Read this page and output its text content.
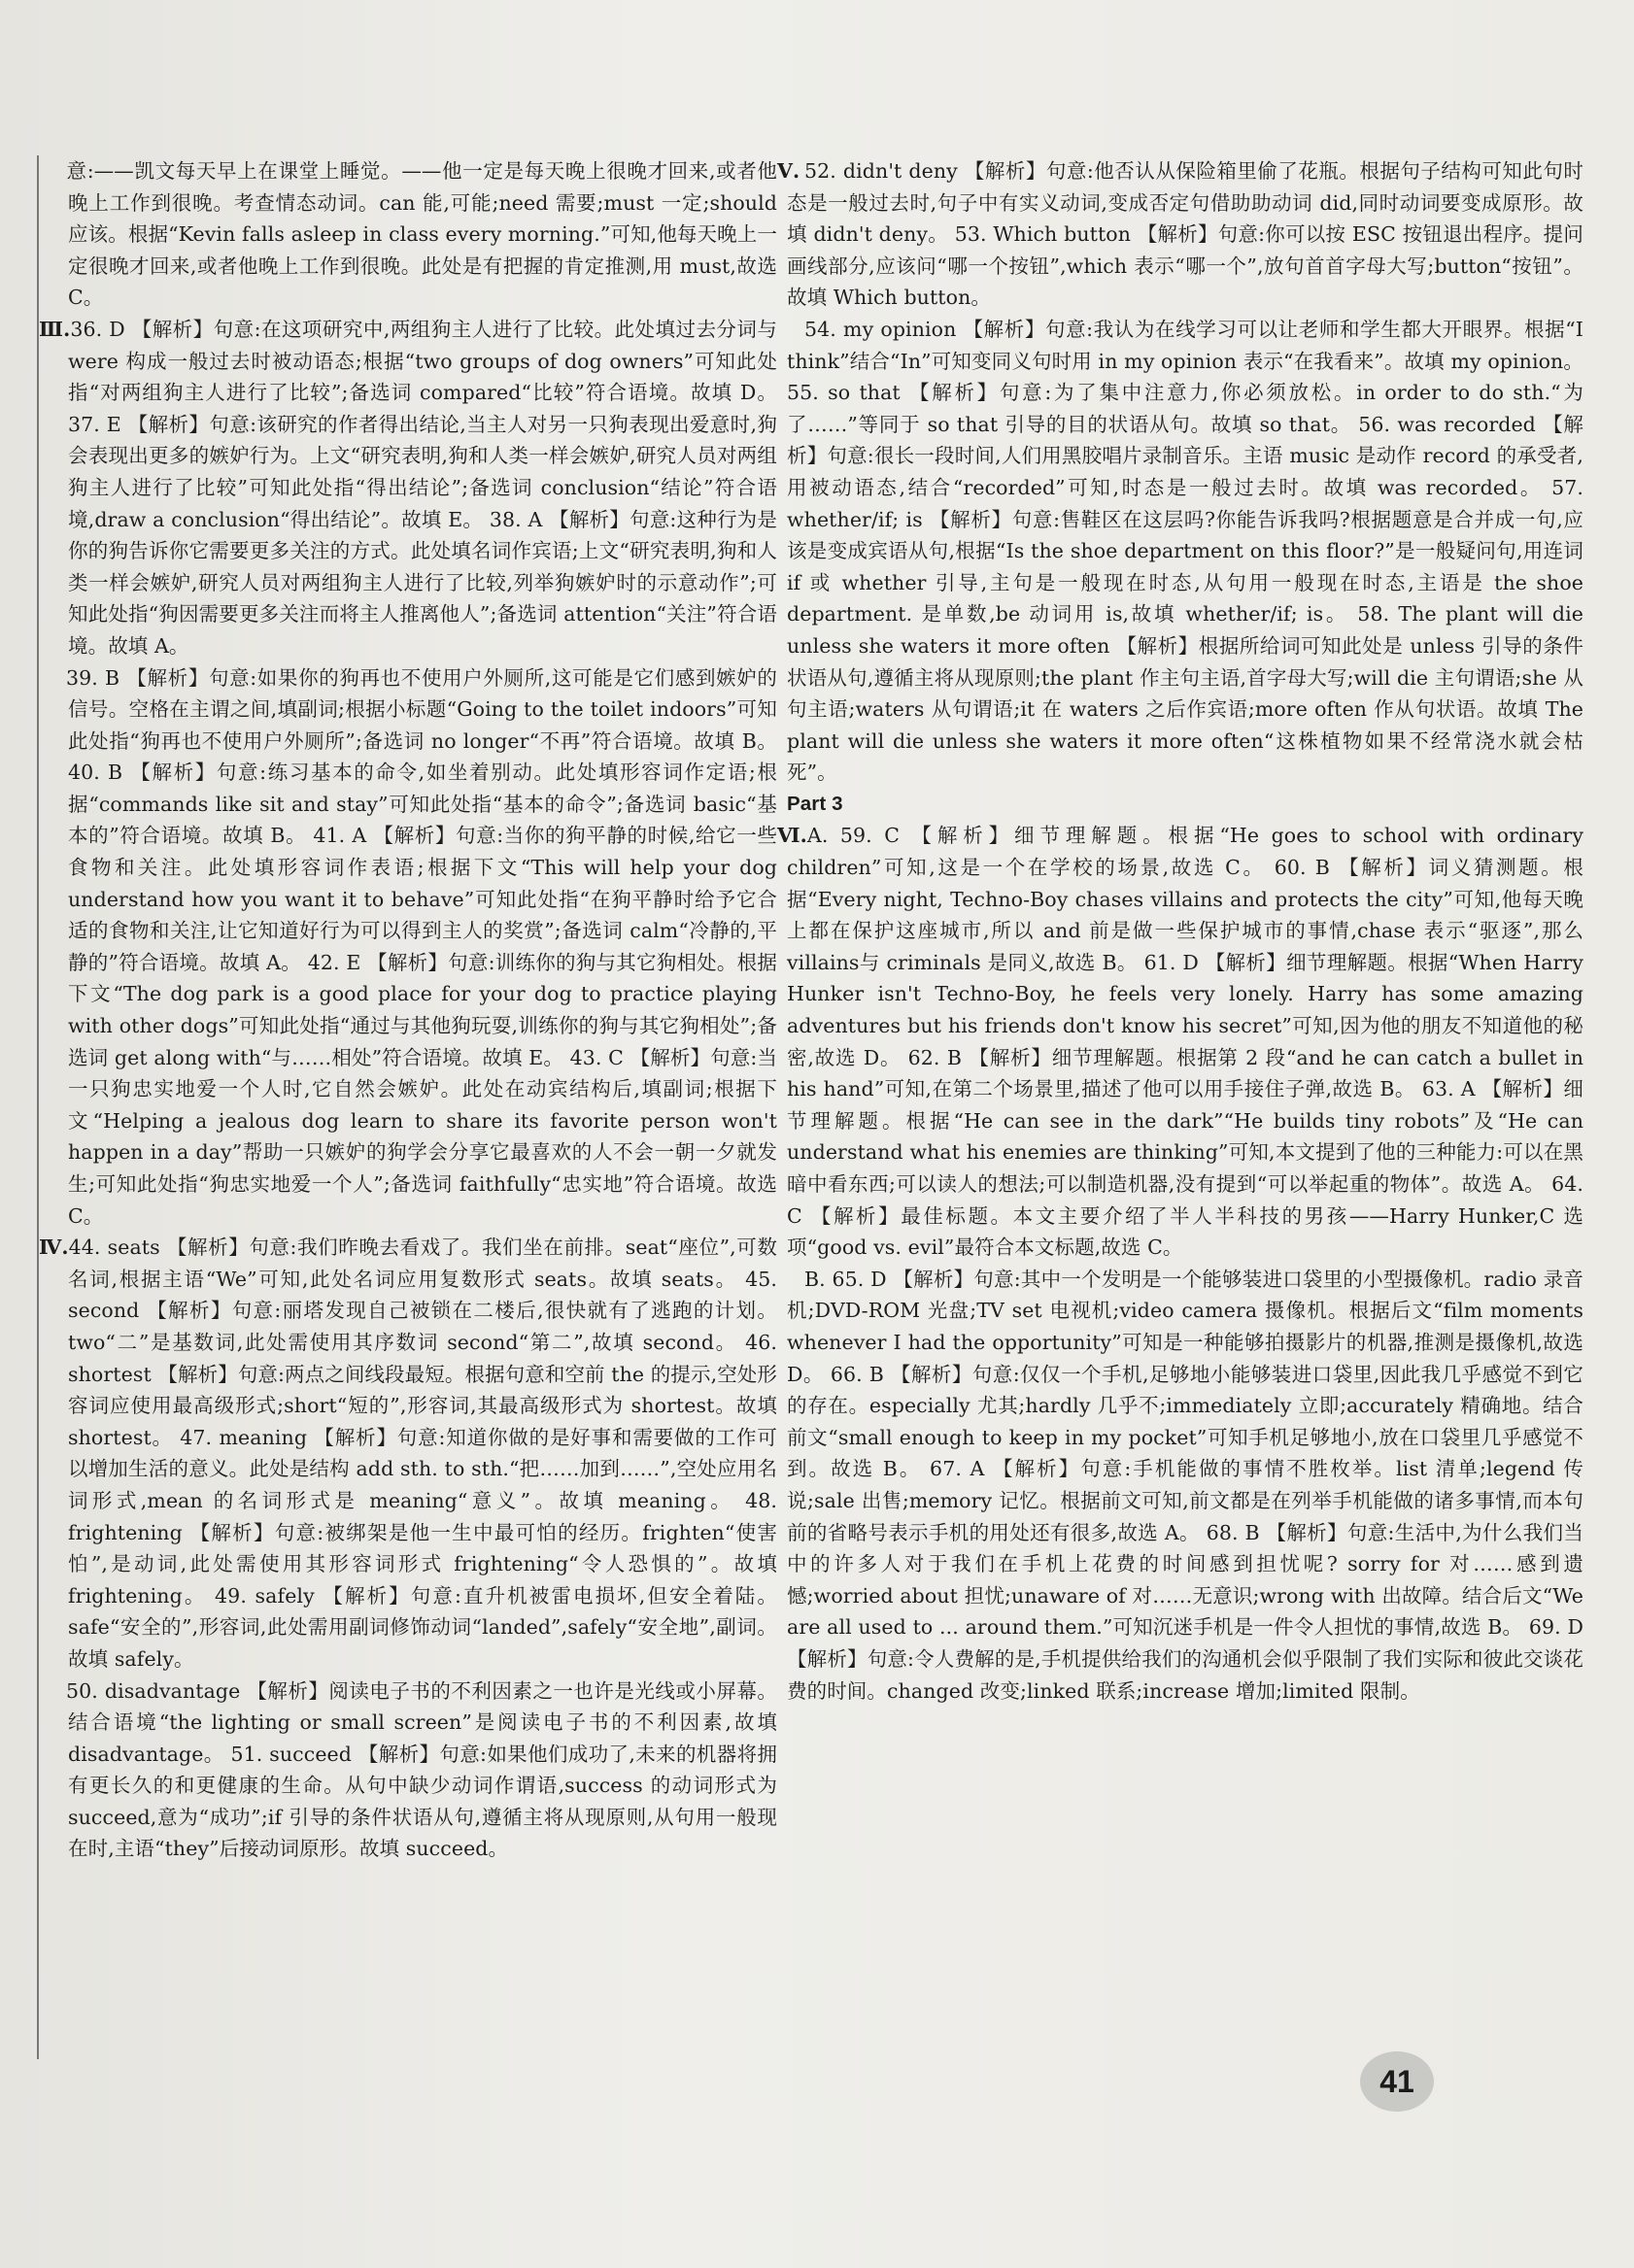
意:——凯文每天早上在课堂上睡觉。——他一定是每天晚上很晚才回来,或者他晚上工作到很晚。考查情态动词。can 能,可能;need 需要;must 一定;should 应该。根据“Kevin falls asleep in class every morning.”可知,他每天晚上一定很晚才回来,或者他晚上工作到很晚。此处是有把握的肯定推测,用 must,故选 C。

Ⅲ.36. D 【解析】句意:在这项研究中,两组狗主人进行了比较。此处填过去分词与 were 构成一般过去时被动语态;根据“two groups of dog owners”可知此处指“对两组狗主人进行了比较”;备选词 compared“比较”符合语境。故填 D。 37. E 【解析】句意:该研究的作者得出结论,当主人对另一只狗表现出爱意时,狗会表现出更多的嫉妒行为。上文“研究表明,狗和人类一样会嫉妒,研究人员对两组狗主人进行了比较”可知此处指“得出结论”;备选词 conclusion“结论”符合语境,draw a conclusion“得出结论”。故填 E。 38. A 【解析】句意:这种行为是你的狗告诉你它需要更多关注的方式。此处填名词作宾语;上文“研究表明,狗和人类一样会嫉妒,研究人员对两组狗主人进行了比较,列举狗嫉妒时的示意动作”;可知此处指“狗因需要更多关注而将主人推离他人”;备选词 attention“关注”符合语境。故填 A。

39. B 【解析】句意:如果你的狗再也不使用户外厕所,这可能是它们感到嫉妒的信号。空格在主谓之间,填副词;根据小标题“Going to the toilet indoors”可知此处指“狗再也不使用户外厕所”;备选词 no longer“不再”符合语境。故填 B。 40. B 【解析】句意:练习基本的命令,如坐着别动。此处填形容词作定语;根据“commands like sit and stay”可知此处指“基本的命令”;备选词 basic“基本的”符合语境。故填 B。 41. A 【解析】句意:当你的狗平静的时候,给它一些食物和关注。此处填形容词作表语;根据下文“This will help your dog understand how you want it to behave”可知此处指“在狗平静时给予它合适的食物和关注,让它知道好行为可以得到主人的奖赏”;备选词 calm“冷静的,平静的”符合语境。故填 A。 42. E 【解析】句意:训练你的狗与其它狗相处。根据下文“The dog park is a good place for your dog to practice playing with other dogs”可知此处指“通过与其他狗玩耍,训练你的狗与其它狗相处”;备选词 get along with“与……相处”符合语境。故填 E。 43. C 【解析】句意:当一只狗忠实地爱一个人时,它自然会嫉妒。此处在动宾结构后,填副词;根据下文“Helping a jealous dog learn to share its favorite person won't happen in a day”帮助一只嫉妒的狗学会分享它最喜欢的人不会一朝一夕就发生;可知此处指“狗忠实地爱一个人”;备选词 faithfully“忠实地”符合语境。故选 C。

Ⅳ.44. seats 【解析】句意:我们昨晚去看戏了。我们坐在前排。seat“座位”,可数名词,根据主语“We”可知,此处名词应用复数形式 seats。故填 seats。 45. second 【解析】句意:丽塔发现自己被锁在二楼后,很快就有了逃跑的计划。two“二”是基数词,此处需使用其序数词 second“第二”,故填 second。 46. shortest 【解析】句意:两点之间线段最短。根据句意和空前 the 的提示,空处形容词应使用最高级形式;short“短的”,形容词,其最高级形式为 shortest。故填 shortest。 47. meaning 【解析】句意:知道你做的是好事和需要做的工作可以增加生活的意义。此处是结构 add sth. to sth.“把……加到……”,空处应用名词形式,mean 的名词形式是 meaning“意义”。故填 meaning。 48. frightening 【解析】句意:被绑架是他一生中最可怕的经历。frighten“使害怕”,是动词,此处需使用其形容词形式 frightening“令人恐惧的”。故填 frightening。 49. safely 【解析】句意:直升机被雷电损坏,但安全着陆。safe“安全的”,形容词,此处需用副词修饰动词“landed”,safely“安全地”,副词。故填 safely。

50. disadvantage 【解析】阅读电子书的不利因素之一也许是光线或小屏幕。结合语境“the lighting or small screen”是阅读电子书的不利因素,故填 disadvantage。 51. succeed 【解析】句意:如果他们成功了,未来的机器将拥有更长久的和更健康的生命。从句中缺少动词作谓语,success 的动词形式为 succeed,意为“成功”;if 引导的条件状语从句,遵循主将从现原则,从句用一般现在时,主语“they”后接动词原形。故填 succeed。

Ⅴ. 52. didn't deny 【解析】句意:他否认从保险箱里偷了花瓶。根据句子结构可知此句时态是一般过去时,句子中有实义动词,变成否定句借助助动词 did,同时动词要变成原形。故填 didn't deny。 53. Which button 【解析】句意:你可以按 ESC 按钮退出程序。提问画线部分,应该问“哪一个按钮”,which 表示“哪一个”,放句首首字母大写;button“按钮”。故填 Which button。

54. my opinion 【解析】句意:我认为在线学习可以让老师和学生都大开眼界。根据“I think”结合“In”可知变同义句时用 in my opinion 表示“在我看来”。故填 my opinion。 55. so that 【解析】句意:为了集中注意力,你必须放松。in order to do sth.“为了……”等同于 so that 引导的目的状语从句。故填 so that。 56. was recorded 【解析】句意:很长一段时间,人们用黑胶唱片录制音乐。主语 music 是动作 record 的承受者,用被动语态,结合“recorded”可知,时态是一般过去时。故填 was recorded。 57. whether/if; is 【解析】句意:售鞋区在这层吗?你能告诉我吗?根据题意是合并成一句,应该是变成宾语从句,根据“Is the shoe department on this floor?”是一般疑问句,用连词 if 或 whether 引导,主句是一般现在时态,从句用一般现在时态,主语是 the shoe department. 是单数,be 动词用 is,故填 whether/if; is。 58. The plant will die unless she waters it more often 【解析】根据所给词可知此处是 unless 引导的条件状语从句,遵循主将从现原则;the plant 作主句主语,首字母大写;will die 主句谓语;she 从句主语;waters 从句谓语;it 在 waters 之后作宾语;more often 作从句状语。故填 The plant will die unless she waters it more often“这株植物如果不经常浇水就会枯死”。

Part 3

Ⅵ.A. 59. C 【解析】细节理解题。根据“He goes to school with ordinary children”可知,这是一个在学校的场景,故选 C。 60. B 【解析】词义猜测题。根据“Every night, Techno-Boy chases villains and protects the city”可知,他每天晚上都在保护这座城市,所以 and 前是做一些保护城市的事情,chase 表示“驱逐”,那么 villains与 criminals 是同义,故选 B。 61. D 【解析】细节理解题。根据“When Harry Hunker isn't Techno-Boy, he feels very lonely. Harry has some amazing adventures but his friends don't know his secret”可知,因为他的朋友不知道他的秘密,故选 D。 62. B 【解析】细节理解题。根据第 2 段“and he can catch a bullet in his hand”可知,在第二个场景里,描述了他可以用手接住子弹,故选 B。 63. A 【解析】细节理解题。根据“He can see in the dark”“He builds tiny robots”及“He can understand what his enemies are thinking”可知,本文提到了他的三种能力:可以在黑暗中看东西;可以读人的想法;可以制造机器,没有提到“可以举起重的物体”。故选 A。 64. C 【解析】最佳标题。本文主要介绍了半人半科技的男孩——Harry Hunker,C 选项“good vs. evil”最符合本文标题,故选 C。

B. 65. D 【解析】句意:其中一个发明是一个能够装进口袋里的小型摄像机。radio 录音机;DVD-ROM 光盘;TV set 电视机;video camera 摄像机。根据后文“film moments whenever I had the opportunity”可知是一种能够拍摄影片的机器,推测是摄像机,故选 D。 66. B 【解析】句意:仅仅一个手机,足够地小能够装进口袋里,因此我几乎感觉不到它的存在。especially 尤其;hardly 几乎不;immediately 立即;accurately 精确地。结合前文“small enough to keep in my pocket”可知手机足够地小,放在口袋里几乎感觉不到。故选 B。 67. A 【解析】句意:手机能做的事情不胜枚举。list 清单;legend 传说;sale 出售;memory 记忆。根据前文可知,前文都是在列举手机能做的诸多事情,而本句前的省略号表示手机的用处还有很多,故选 A。 68. B 【解析】句意:生活中,为什么我们当中的许多人对于我们在手机上花费的时间感到担忧呢? sorry for 对……感到遗憾;worried about 担忧;unaware of 对……无意识;wrong with 出故障。结合后文“We are all used to ... around them.”可知沉迷手机是一件令人担忧的事情,故选 B。 69. D 【解析】句意:令人费解的是,手机提供给我们的沟通机会似乎限制了我们实际和彼此交谈花费的时间。changed 改变;linked 联系;increase 增加;limited 限制。

41
